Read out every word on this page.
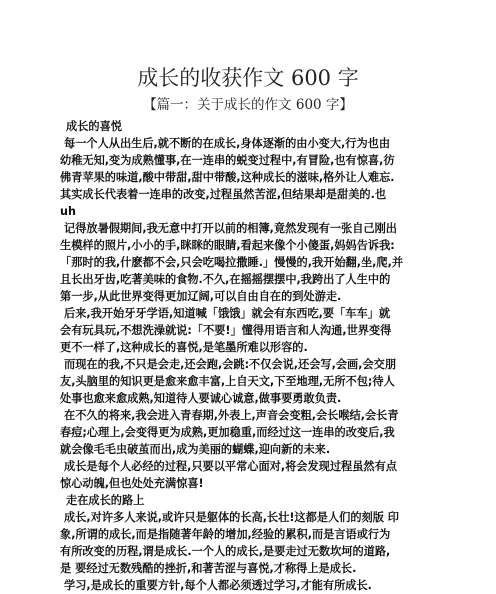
成长的收获作文 600 字
【篇一：关于成长的作文 600 字】
成长的喜悦
每一个人从出生后,就不断的在成长,身体逐渐的由小变大,行为也由
幼稚无知,变为成熟懂事,在一连串的蜕变过程中,有冒险,也有惊喜,彷
佛青苹果的味道,酸中带甜,甜中带酸,这种成长的滋味,格外让人难忘.
其实成长代表着一连串的改变,过程虽然苦涩,但结果却是甜美的.也
uh
记得放暑假期间,我无意中打开以前的相簿,竟然发现有一张自己刚出
生模样的照片,小小的手,眯眯的眼睛,看起来像个小傻蛋,妈妈告诉我:
「那时的我,什麽都不会,只会吃喝拉撒睡.」慢慢的,我开始翻,坐,爬,并
且长出牙齿,吃著美味的食物.不久,在摇摇摆摆中,我跨出了人生中的
第一步,从此世界变得更加辽阔,可以自由自在的到处游走.
后来,我开始牙牙学语,知道喊「饿饿」就会有东西吃,要「车车」就
会有玩具玩,不想洗澡就说:「不要!」懂得用语言和人沟通,世界变得
更不一样了,这种成长的喜悦,是笔墨所难以形容的.
而现在的我,不只是会走,还会跑,会跳:不仅会说,还会写,会画,会交朋
友,头脑里的知识更是愈来愈丰富,上自天文,下至地理,无所不包;待人
处事也愈来愈成熟,知道待人要诚心诚意,做事要勇敢负责.
在不久的将来,我会进入青春期,外表上,声音会变粗,会长喉结,会长青
春痘;心理上,会变得更为成熟,更加稳重,而经过这一连串的改变后,我
就会像毛毛虫破茧而出,成为美丽的蝴蝶,迎向新的未来.
成长是每个人必经的过程,只要以平常心面对,将会发现过程虽然有点
惊心动魄,但也处处充满惊喜!
走在成长的路上
成长,对许多人来说,或许只是躯体的长高,长壮!这都是人们的刻版 印
象,所谓的成长,而是指随著年龄的增加,经验的累积,而是言语或行为
有所改变的历程,谓是成长.一个人的成长,是要走过无数坎坷的道路,
是 要经过无数残酷的挫折,和著苦涩与喜悦,才称得上是成长.
学习,是成长的重要方针,每个人都必须透过学习,才能有所成长.
